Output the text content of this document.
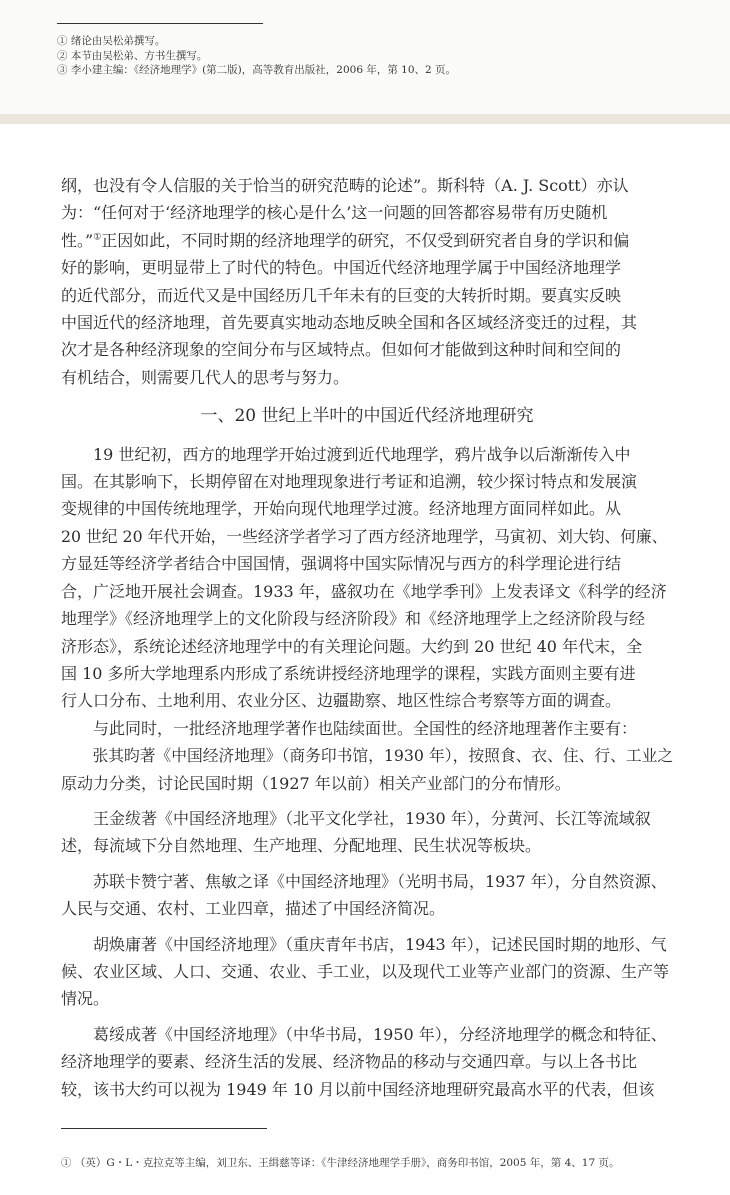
① 绪论由吴松弟撰写。
② 本节由吴松弟、方书生撰写。
③ 李小建主编：《经济地理学》(第二版)，高等教育出版社，2006 年，第 10、2 页。
纲，也没有令人信服的关于恰当的研究范畴的论述”。斯科特（A. J. Scott）亦认
为：“任何对于‘经济地理学的核心是什么’这一问题的回答都容易带有历史随机
性。”①正因如此，不同时期的经济地理学的研究，不仅受到研究者自身的学识和偏
好的影响，更明显带上了时代的特色。中国近代经济地理学属于中国经济地理学
的近代部分，而近代又是中国经历几千年未有的巨变的大转折时期。要真实反映
中国近代的经济地理，首先要真实地动态地反映全国和各区域经济变迁的过程，其
次才是各种经济现象的空间分布与区域特点。但如何才能做到这种时间和空间的
有机结合，则需要几代人的思考与努力。
一、20 世纪上半叶的中国近代经济地理研究
19 世纪初，西方的地理学开始过渡到近代地理学，鸦片战争以后渐渐传入中
国。在其影响下，长期停留在对地理现象进行考证和追溯，较少探讨特点和发展演
变规律的中国传统地理学，开始向现代地理学过渡。经济地理方面同样如此。从
20 世纪 20 年代开始，一些经济学者学习了西方经济地理学，马寅初、刘大钧、何廉、
方显廷等经济学者结合中国国情，强调将中国实际情况与西方的科学理论进行结
合，广泛地开展社会调查。1933 年，盛叙功在《地学季刊》上发表译文《科学的经济
地理学》《经济地理学上的文化阶段与经济阶段》和《经济地理学上之经济阶段与经
济形态》，系统论述经济地理学中的有关理论问题。大约到 20 世纪 40 年代末，全
国 10 多所大学地理系内形成了系统讲授经济地理学的课程，实践方面则主要有进
行人口分布、土地利用、农业分区、边疆勘察、地区性综合考察等方面的调查。
与此同时，一批经济地理学著作也陆续面世。全国性的经济地理著作主要有：
张其昀著《中国经济地理》（商务印书馆，1930 年），按照食、衣、住、行、工业之
原动力分类，讨论民国时期（1927 年以前）相关产业部门的分布情形。
王金绂著《中国经济地理》（北平文化学社，1930 年），分黄河、长江等流域叙
述，每流域下分自然地理、生产地理、分配地理、民生状况等板块。
苏联卡赞宁著、焦敏之译《中国经济地理》（光明书局，1937 年），分自然资源、
人民与交通、农村、工业四章，描述了中国经济简况。
胡焕庸著《中国经济地理》（重庆青年书店，1943 年），记述民国时期的地形、气
候、农业区域、人口、交通、农业、手工业，以及现代工业等产业部门的资源、生产等
情况。
葛绥成著《中国经济地理》（中华书局，1950 年），分经济地理学的概念和特征、
经济地理学的要素、经济生活的发展、经济物品的移动与交通四章。与以上各书比
较，该书大约可以视为 1949 年 10 月以前中国经济地理研究最高水平的代表，但该
① （英）G・L・克拉克等主编，刘卫东、王缉慈等译：《牛津经济地理学手册》，商务印书馆，2005 年，第 4、17 页。
